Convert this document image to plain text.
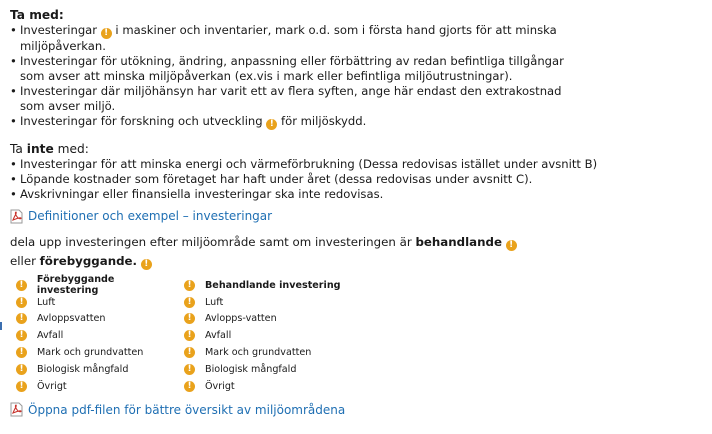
Ta med:
• Investeringar ! i maskiner och inventarier, mark o.d. som i första hand gjorts för att minska
miljöpåverkan.
• Investeringar för utökning, ändring, anpassning eller förbättring av redan befintliga tillgångar
som avser att minska miljöpåverkan (ex.vis i mark eller befintliga miljöutrustningar).
• Investeringar där miljöhänsyn har varit ett av flera syften, ange här endast den extrakostnad
som avser miljö.
• Investeringar för forskning och utveckling ! för miljöskydd.
Ta inte med:
• Investeringar för att minska energi och värmeförbrukning (Dessa redovisas istället under avsnitt B)
• Löpande kostnader som företaget har haft under året (dessa redovisas under avsnitt C).
• Avskrivningar eller finansiella investeringar ska inte redovisas.
Definitioner och exempel – investeringar
dela upp investeringen efter miljöområde samt om investeringen är behandlande !
eller förebyggande. !
!
Förebyggande investering
!
Luft
!
Avloppsvatten
!
Avfall
!
Mark och grundvatten
!
Biologisk mångfald
!
Övrigt
!
Behandlande investering
!
Luft
!
Avlopps-vatten
!
Avfall
!
Mark och grundvatten
!
Biologisk mångfald
!
Övrigt
Öppna pdf-filen för bättre översikt av miljöområdena
